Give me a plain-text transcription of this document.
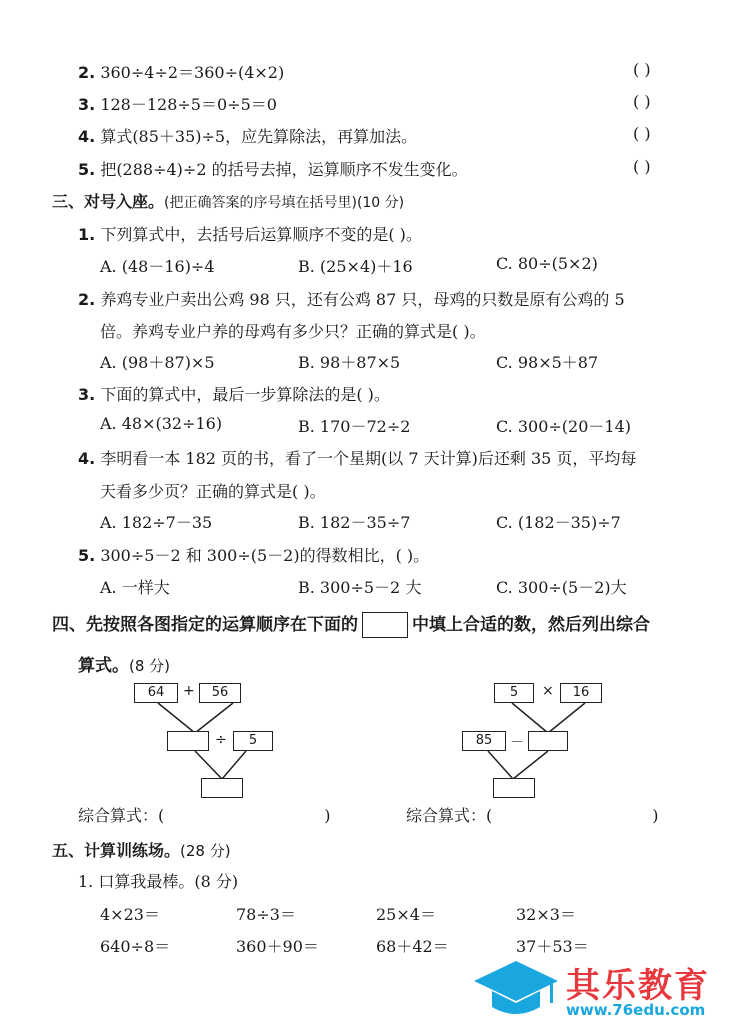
2. 360÷4÷2＝360÷(4×2)	( )
3. 128－128÷5＝0÷5＝0	( )
4. 算式(85＋35)÷5，应先算除法，再算加法。	( )
5. 把(288÷4)÷2 的括号去掉，运算顺序不发生变化。	( )
三、对号入座。(把正确答案的序号填在括号里)(10 分)
1. 下列算式中，去括号后运算顺序不变的是( )。
A. (48－16)÷4	B. (25×4)＋16	C. 80÷(5×2)
2. 养鸡专业户卖出公鸡 98 只，还有公鸡 87 只，母鸡的只数是原有公鸡的 5
倍。养鸡专业户养的母鸡有多少只？正确的算式是( )。
A. (98＋87)×5	B. 98＋87×5	C. 98×5＋87
3. 下面的算式中，最后一步算除法的是( )。
A. 48×(32÷16)	B. 170－72÷2	C. 300÷(20－14)
4. 李明看一本 182 页的书，看了一个星期(以 7 天计算)后还剩 35 页，平均每
天看多少页？正确的算式是( )。
A. 182÷7－35	B. 182－35÷7	C. (182－35)÷7
5. 300÷5－2 和 300÷(5－2)的得数相比，( )。
A. 一样大	B. 300÷5－2 大	C. 300÷(5－2)大
四、先按照各图指定的运算顺序在下面的	中填上合适的数，然后列出综合
算式。(8 分)
64	+	56
÷	5
5	×	16
85	－
综合算式：(	)	综合算式：(	)
五、计算训练场。(28 分)
1. 口算我最棒。(8 分)
4×23＝	78÷3＝	25×4＝	32×3＝
640÷8＝	360＋90＝	68＋42＝	37＋53＝
其乐教育
www.76edu.com
